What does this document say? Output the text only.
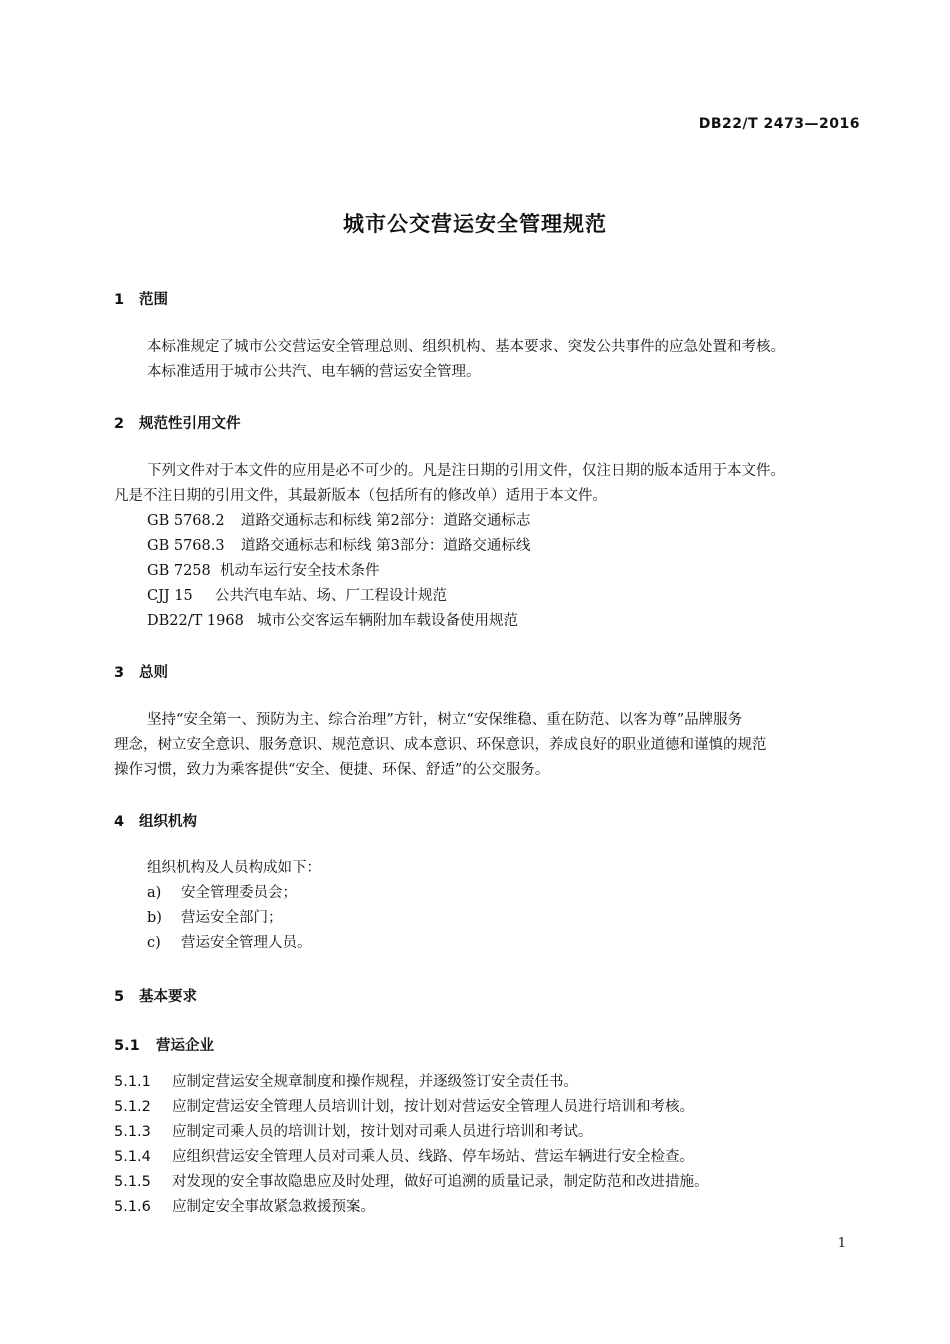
DB22/T 2473—2016
城市公交营运安全管理规范
1 范围
本标准规定了城市公交营运安全管理总则、组织机构、基本要求、突发公共事件的应急处置和考核。
本标准适用于城市公共汽、电车辆的营运安全管理。
2 规范性引用文件
下列文件对于本文件的应用是必不可少的。凡是注日期的引用文件，仅注日期的版本适用于本文件。
凡是不注日期的引用文件，其最新版本（包括所有的修改单）适用于本文件。
GB 5768.2 道路交通标志和标线 第2部分：道路交通标志
GB 5768.3 道路交通标志和标线 第3部分：道路交通标线
GB 7258 机动车运行安全技术条件
CJJ 15 公共汽电车站、场、厂工程设计规范
DB22/T 1968 城市公交客运车辆附加车载设备使用规范
3 总则
坚持“安全第一、预防为主、综合治理”方针，树立“安保维稳、重在防范、以客为尊”品牌服务
理念，树立安全意识、服务意识、规范意识、成本意识、环保意识，养成良好的职业道德和谨慎的规范
操作习惯，致力为乘客提供“安全、便捷、环保、舒适”的公交服务。
4 组织机构
组织机构及人员构成如下：
a) 安全管理委员会；
b) 营运安全部门；
c) 营运安全管理人员。
5 基本要求
5.1 营运企业
5.1.1 应制定营运安全规章制度和操作规程，并逐级签订安全责任书。
5.1.2 应制定营运安全管理人员培训计划，按计划对营运安全管理人员进行培训和考核。
5.1.3 应制定司乘人员的培训计划，按计划对司乘人员进行培训和考试。
5.1.4 应组织营运安全管理人员对司乘人员、线路、停车场站、营运车辆进行安全检查。
5.1.5 对发现的安全事故隐患应及时处理，做好可追溯的质量记录，制定防范和改进措施。
5.1.6 应制定安全事故紧急救援预案。
1
